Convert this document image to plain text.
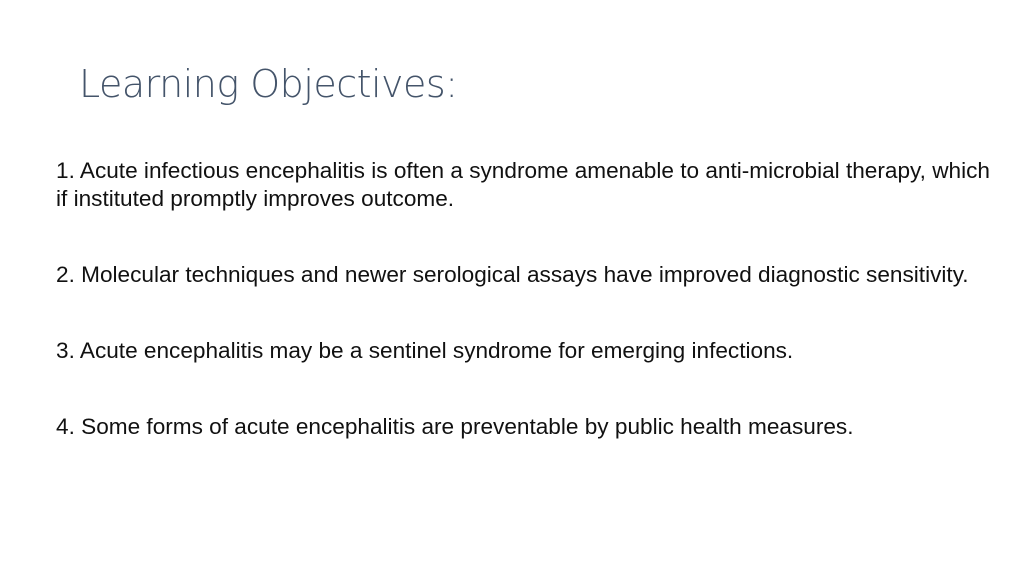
Learning Objectives:
1. Acute infectious encephalitis is often a syndrome amenable to anti-microbial therapy, which if instituted promptly improves outcome.
2. Molecular techniques and newer serological assays have improved diagnostic sensitivity.
3. Acute encephalitis may be a sentinel syndrome for emerging infections.
4. Some forms of acute encephalitis are preventable by public health measures.
